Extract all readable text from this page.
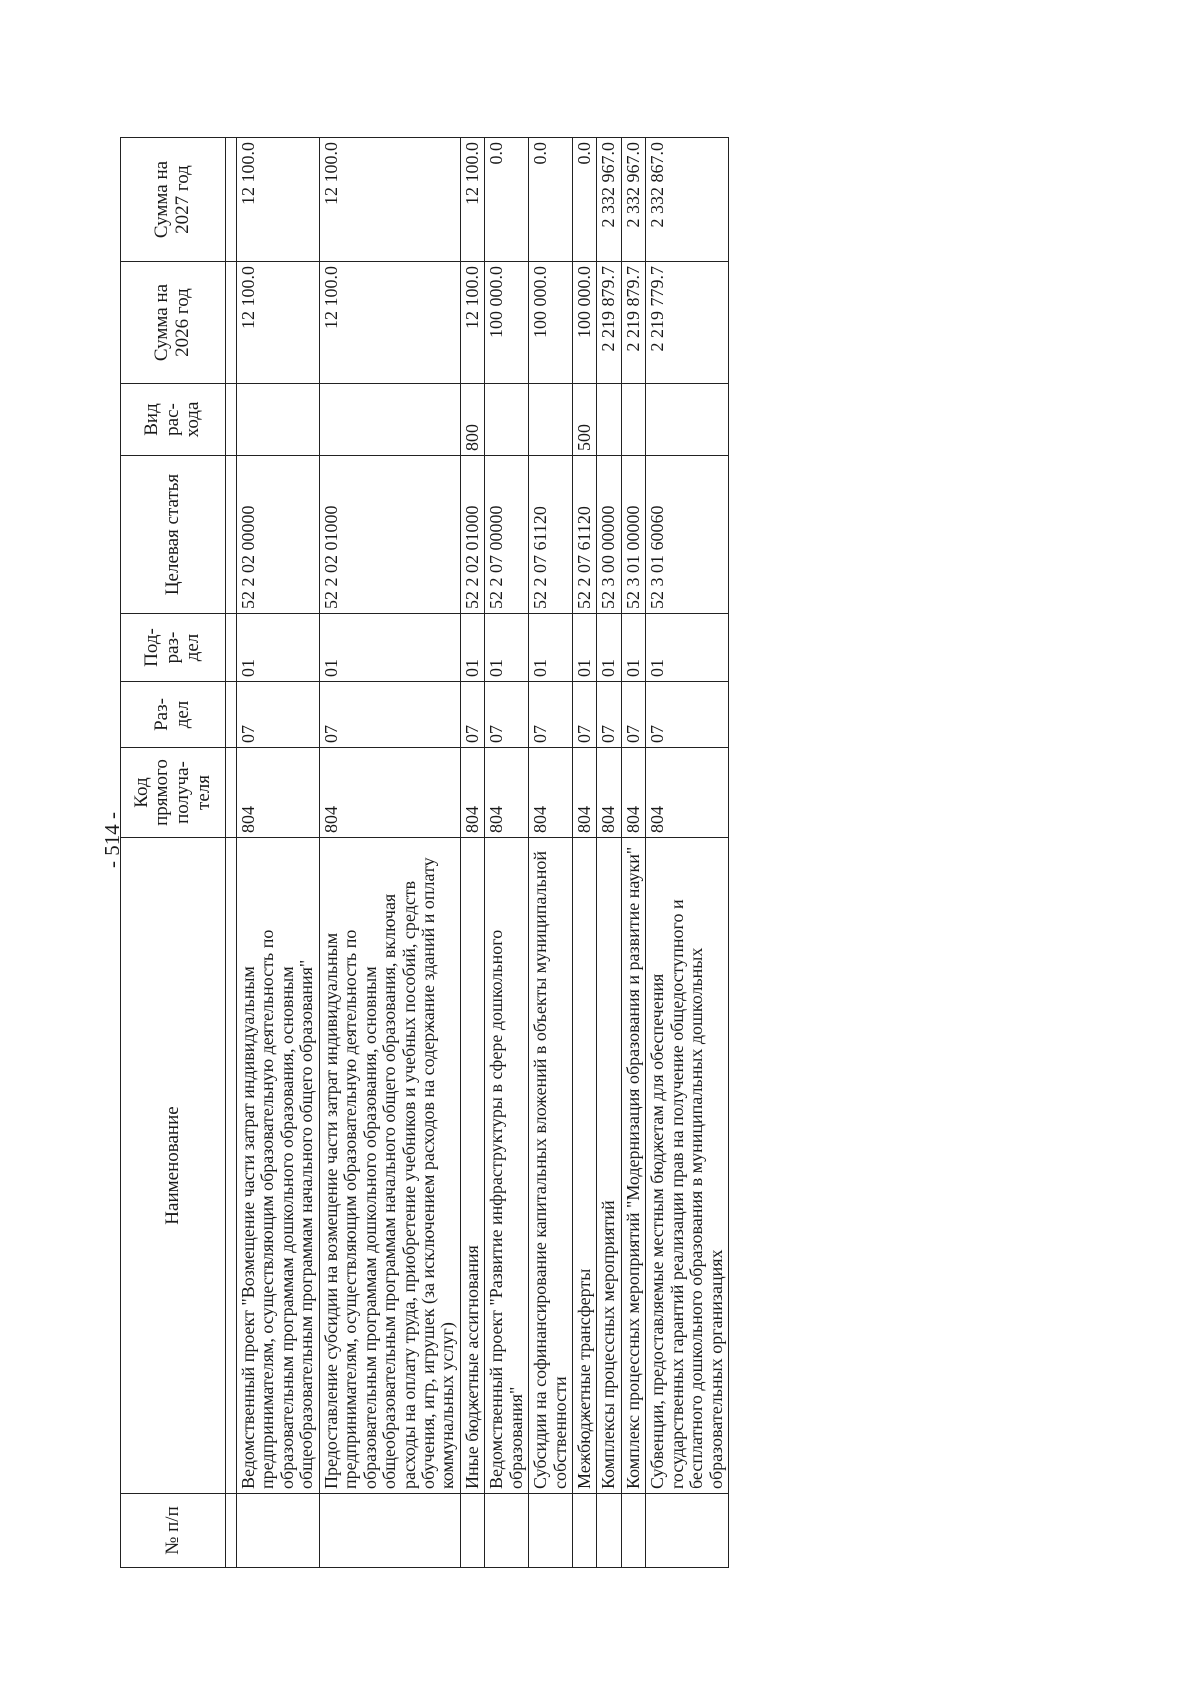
- 514 -
№ п/п	Наименование	Код прямого получа-теля	Раз-дел	Под-раз-дел	Целевая статья	Вид рас-хода	Сумма на 2026 год	Сумма на 2027 год

	Ведомственный проект "Возмещение части затрат индивидуальным предпринимателям, осуществляющим образовательную деятельность по образовательным программам дошкольного образования, основным общеобразовательным программам начального общего образования"	804	07	01	52 2 02 00000		12 100.0	12 100.0
	Предоставление субсидии на возмещение части затрат индивидуальным предпринимателям, осуществляющим образовательную деятельность по образовательным программам дошкольного образования, основным общеобразовательным программам начального общего образования, включая расходы на оплату труда, приобретение учебников и учебных пособий, средств обучения, игр, игрушек (за исключением расходов на содержание зданий и оплату коммунальных услуг)	804	07	01	52 2 02 01000		12 100.0	12 100.0
	Иные бюджетные ассигнования	804	07	01	52 2 02 01000	800	12 100.0	12 100.0
	Ведомственный проект "Развитие инфраструктуры в сфере дошкольного образования"	804	07	01	52 2 07 00000		100 000.0	0.0
	Субсидии на софинансирование капитальных вложений в объекты муниципальной собственности	804	07	01	52 2 07 61120		100 000.0	0.0
	Межбюджетные трансферты	804	07	01	52 2 07 61120	500	100 000.0	0.0
	Комплексы процессных мероприятий	804	07	01	52 3 00 00000		2 219 879.7	2 332 967.0
	Комплекс процессных мероприятий "Модернизация образования и развитие науки"	804	07	01	52 3 01 00000		2 219 879.7	2 332 967.0
	Субвенции, предоставляемые местным бюджетам для обеспечения государственных гарантий реализации прав на получение общедоступного и бесплатного дошкольного образования в муниципальных дошкольных образовательных организациях	804	07	01	52 3 01 60060		2 219 779.7	2 332 867.0
